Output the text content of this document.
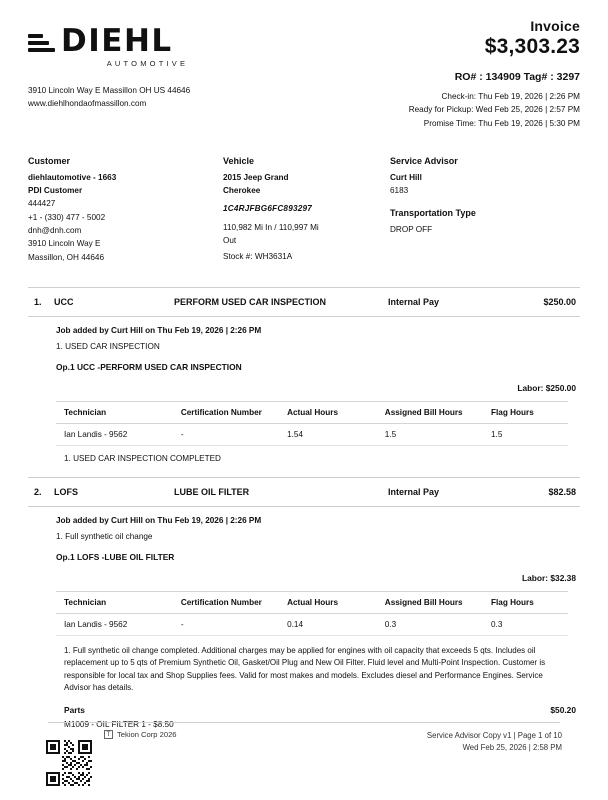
DIEHL
AUTOMOTIVE
3910 Lincoln Way E Massillon OH US 44646
www.diehlhondaofmassillon.com
Invoice
$3,303.23
RO# : 134909 Tag# : 3297
Check-in: Thu Feb 19, 2026 | 2:26 PM
Ready for Pickup: Wed Feb 25, 2026 | 2:57 PM
Promise Time: Thu Feb 19, 2026 | 5:30 PM
Customer
diehlautomotive - 1663
PDI Customer
444427
+1 - (330) 477 - 5002
dnh@dnh.com
3910 Lincoln Way E
Massillon, OH 44646
Vehicle
2015 Jeep Grand
Cherokee
1C4RJFBG6FC893297
110,982 Mi In / 110,997 Mi
Out
Stock #: WH3631A
Service Advisor
Curt Hill
6183
Transportation Type
DROP OFF
1.	UCC	PERFORM USED CAR INSPECTION	Internal Pay	$250.00
Job added by Curt Hill on Thu Feb 19, 2026 | 2:26 PM
1. USED CAR INSPECTION
Op.1 UCC -PERFORM USED CAR INSPECTION
Labor: $250.00
Technician	Certification Number	Actual Hours	Assigned Bill Hours	Flag Hours
Ian Landis - 9562	-	1.54	1.5	1.5
1. USED CAR INSPECTION COMPLETED
2.	LOFS	LUBE OIL FILTER	Internal Pay	$82.58
Job added by Curt Hill on Thu Feb 19, 2026 | 2:26 PM
1. Full synthetic oil change
Op.1 LOFS -LUBE OIL FILTER
Labor: $32.38
Technician	Certification Number	Actual Hours	Assigned Bill Hours	Flag Hours
Ian Landis - 9562	-	0.14	0.3	0.3
1. Full synthetic oil change completed. Additional charges may be applied for engines with oil capacity that exceeds 5 qts. Includes oil replacement up to 5 qts of Premium Synthetic Oil, Gasket/Oil Plug and New Oil Filter. Fluid level and Multi-Point Inspection. Customer is responsible for local tax and Shop Supplies fees. Valid for most makes and models. Excludes diesel and Performance Engines. Service Advisor has details.
Parts	$50.20
M1009 - OIL FILTER 1 - $8.50
T Tekion Corp 2026	Service Advisor Copy v1 | Page 1 of 10
Wed Feb 25, 2026 | 2:58 PM
